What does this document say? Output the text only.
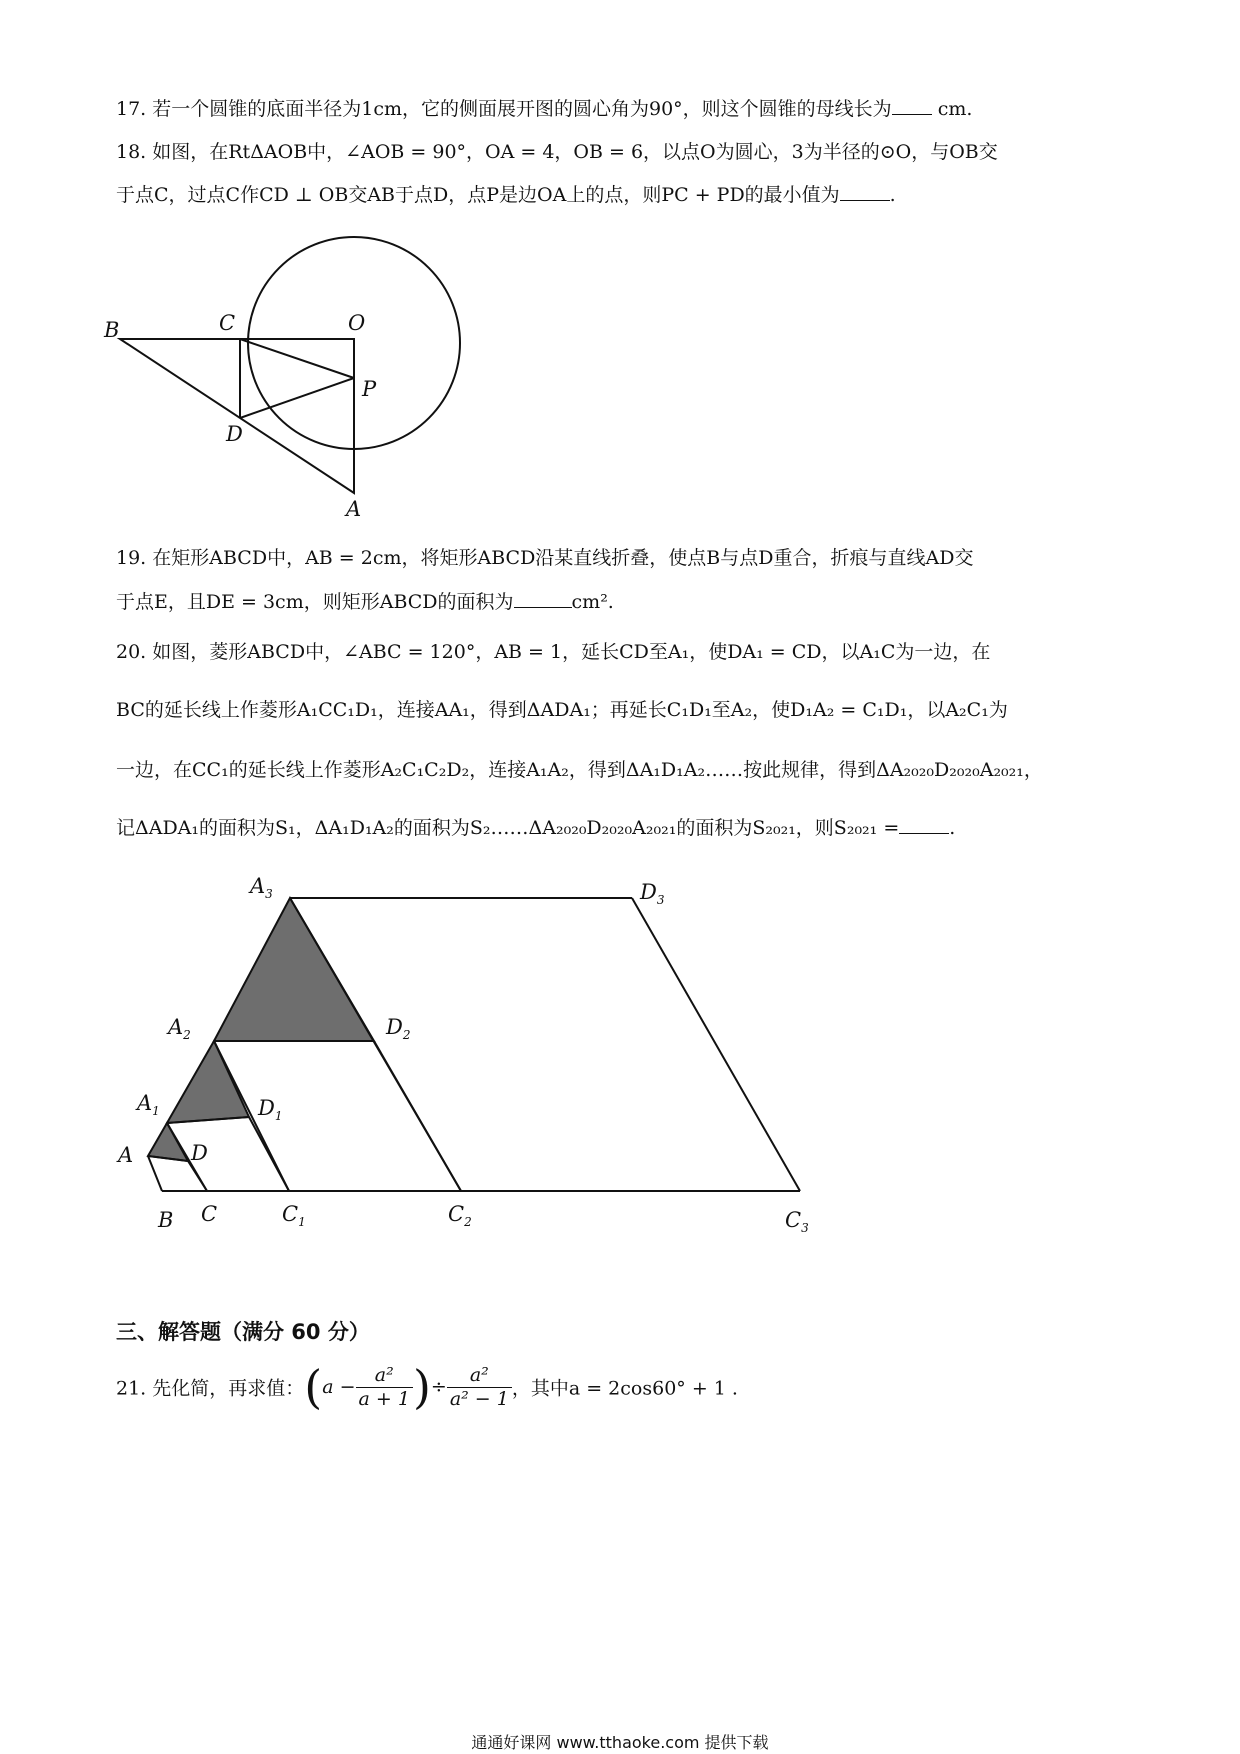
17. 若一个圆锥的底面半径为1cm，它的侧面展开图的圆心角为90°，则这个圆锥的母线长为 cm.
18. 如图，在RtΔAOB中，∠AOB = 90°，OA = 4，OB = 6，以点O为圆心，3为半径的⊙O，与OB交
于点C，过点C作CD ⊥ OB交AB于点D，点P是边OA上的点，则PC + PD的最小值为	.
B	C	O
P
D
A
19. 在矩形ABCD中，AB = 2cm，将矩形ABCD沿某直线折叠，使点B与点D重合，折痕与直线AD交
于点E，且DE = 3cm，则矩形ABCD的面积为	cm².
20. 如图，菱形ABCD中，∠ABC = 120°，AB = 1，延长CD至A₁，使DA₁ = CD，以A₁C为一边，在
BC的延长线上作菱形A₁CC₁D₁，连接AA₁，得到ΔADA₁；再延长C₁D₁至A₂，使D₁A₂ = C₁D₁，以A₂C₁为
一边，在CC₁的延长线上作菱形A₂C₁C₂D₂，连接A₁A₂，得到ΔA₁D₁A₂……按此规律，得到ΔA₂₀₂₀D₂₀₂₀A₂₀₂₁，
记ΔADA₁的面积为S₁，ΔA₁D₁A₂的面积为S₂……ΔA₂₀₂₀D₂₀₂₀A₂₀₂₁的面积为S₂₀₂₁，则S₂₀₂₁ =	.
$A_3$	$D_3$
$A_2$	$D_2$
$A_1$	$D_1$
A	D
B C	$C_1$	$C_2$	$C_3$
三、解答题（满分 60 分）
21. 先化简，再求值：($a - \frac{\text{a²}}{a + 1}$ )÷ $\frac{\text{a²}}{\text{a² − 1}}$ ，其中a = 2cos60° + 1 .
通通好课网 www.tthaoke.com 提供下载
